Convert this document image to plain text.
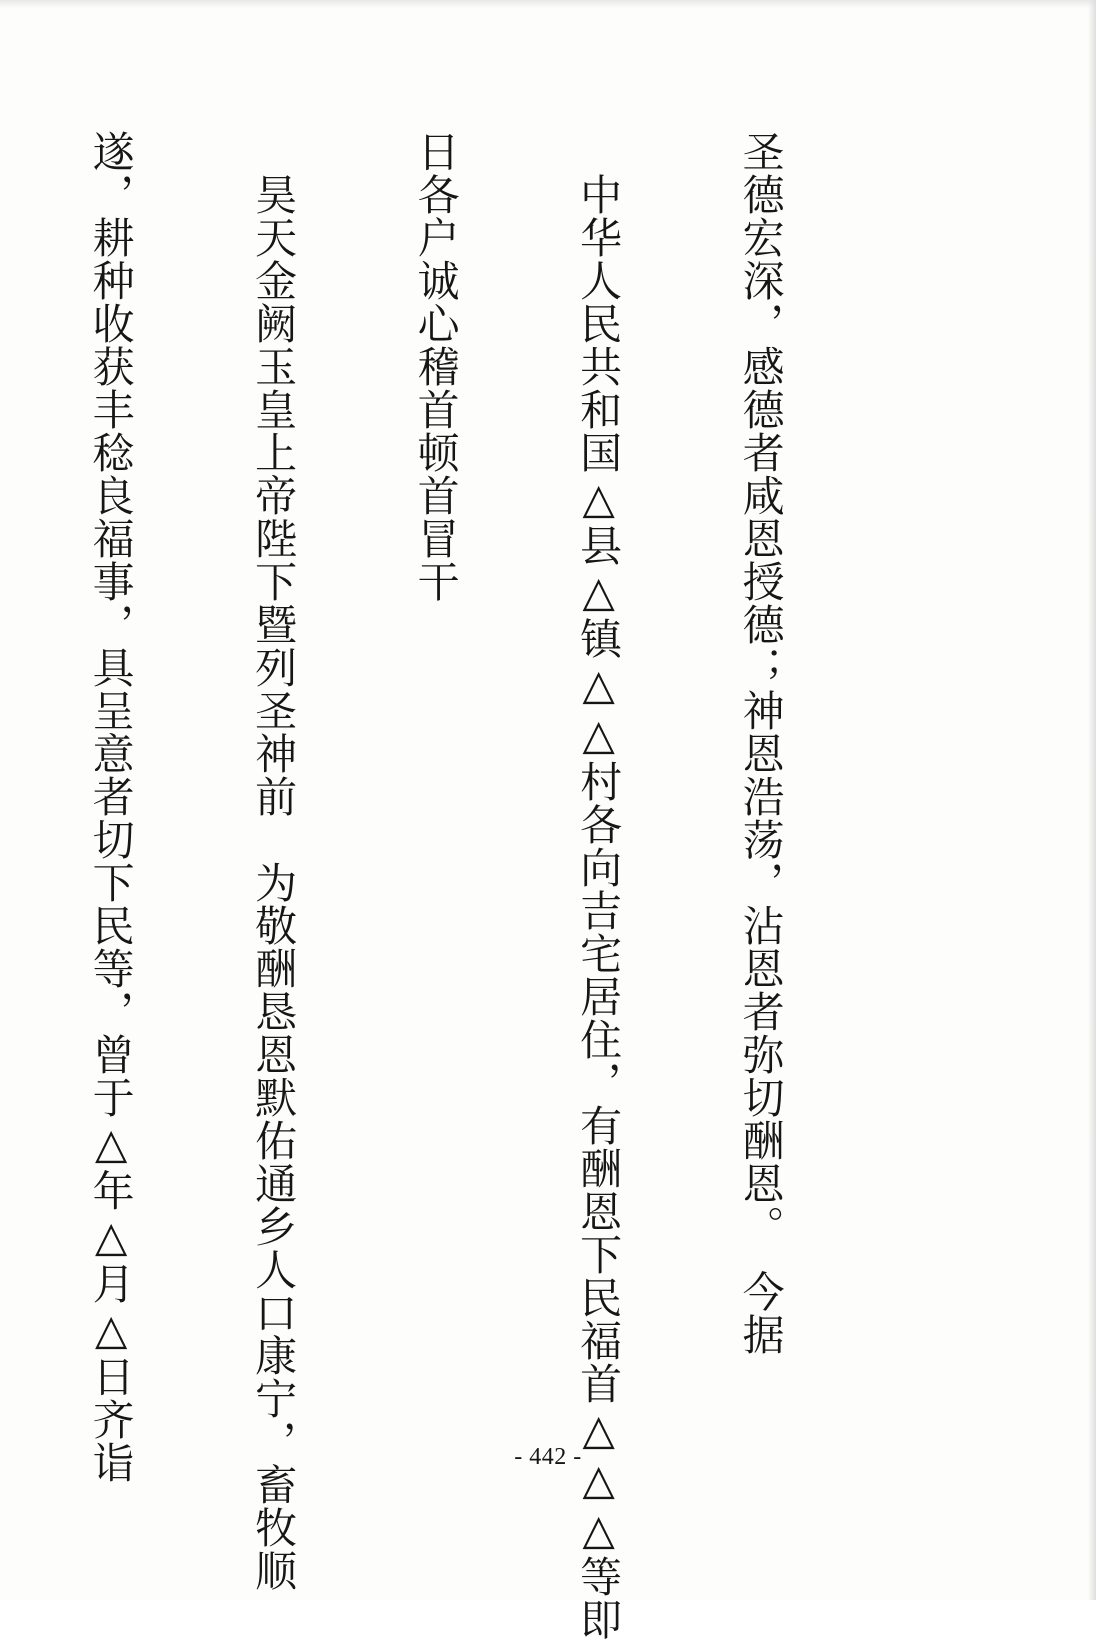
圣德宏深，感德者咸恩授德；神恩浩荡，沾恩者弥切酬恩。　今据

　中华人民共和国△县△镇△△村各向吉宅居住，有酬恩下民福首△△△等即

日各户诚心稽首顿首冒干

　昊天金阙玉皇上帝陛下暨列圣神前　为敬酬恳恩默佑通乡人口康宁，畜牧顺

遂，耕种收获丰稔良福事，具呈意者切下民等，曾于△年△月△日齐诣

	- 442 -
